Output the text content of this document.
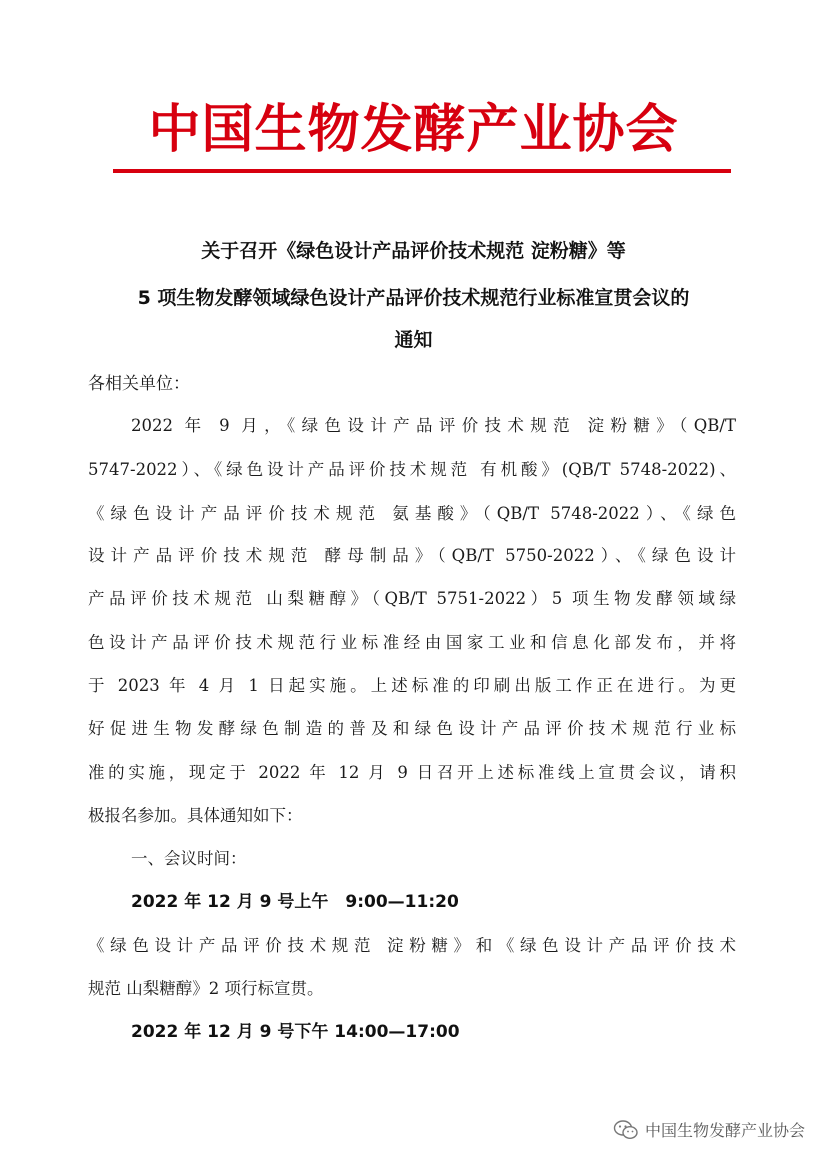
中国生物发酵产业协会
关于召开《绿色设计产品评价技术规范 淀粉糖》等
5 项生物发酵领域绿色设计产品评价技术规范行业标准宣贯会议的
通知
各相关单位：
2022 年 9 月，《绿色设计产品评价技术规范 淀粉糖》（QB/T
5747-2022）、《绿色设计产品评价技术规范 有机酸》(QB/T 5748-2022)、
《绿色设计产品评价技术规范 氨基酸》（QB/T 5748-2022）、《绿色
设计产品评价技术规范 酵母制品》（QB/T 5750-2022）、《绿色设计
产品评价技术规范 山梨糖醇》（QB/T 5751-2022）5 项生物发酵领域绿
色设计产品评价技术规范行业标准经由国家工业和信息化部发布，并将
于 2023 年 4 月 1 日起实施。上述标准的印刷出版工作正在进行。为更
好促进生物发酵绿色制造的普及和绿色设计产品评价技术规范行业标
准的实施，现定于 2022 年 12 月 9 日召开上述标准线上宣贯会议，请积
极报名参加。具体通知如下：
一、会议时间：
2022 年 12 月 9 号上午　9:00—11:20
《绿色设计产品评价技术规范 淀粉糖》和《绿色设计产品评价技术
规范 山梨糖醇》2 项行标宣贯。
2022 年 12 月 9 号下午 14:00—17:00
中国生物发酵产业协会
